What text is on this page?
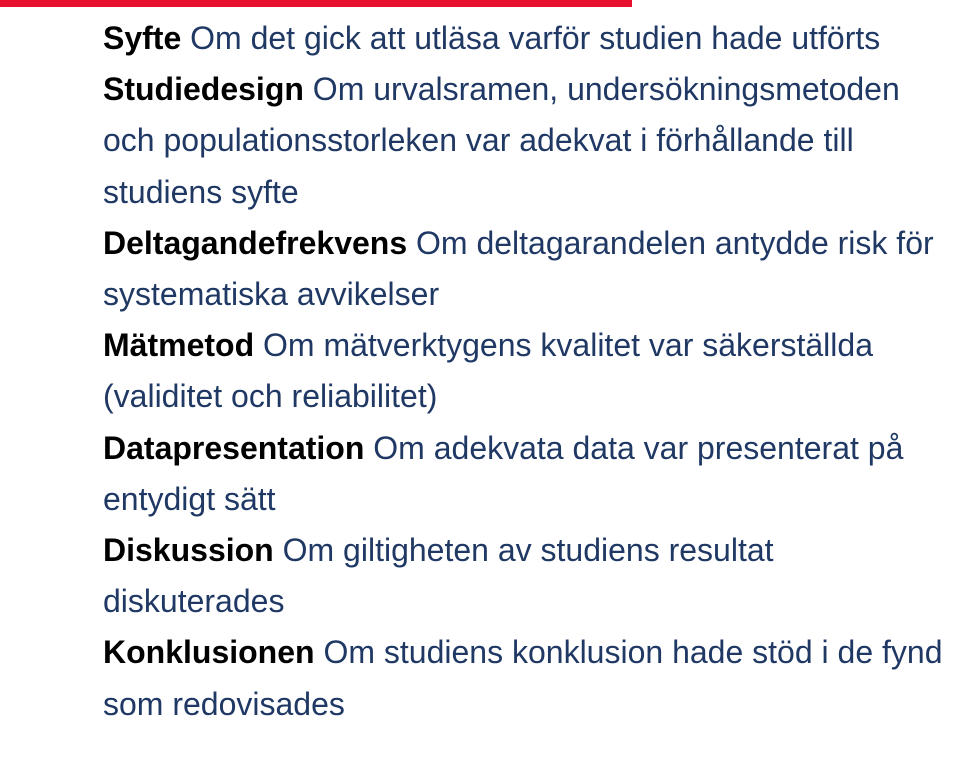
Syfte Om det gick att utläsa varför studien hade utförts

Studiedesign Om urvalsramen, undersökningsmetoden och populationsstorleken var adekvat i förhållande till studiens syfte

Deltagandefrekvens Om deltagarandelen antydde risk för systematiska avvikelser

Mätmetod Om mätverktygens kvalitet var säkerställda (validitet och reliabilitet)

Datapresentation Om adekvata data var presenterat på entydigt sätt

Diskussion Om giltigheten av studiens resultat diskuterades

Konklusionen Om studiens konklusion hade stöd i de fynd som redovisades
